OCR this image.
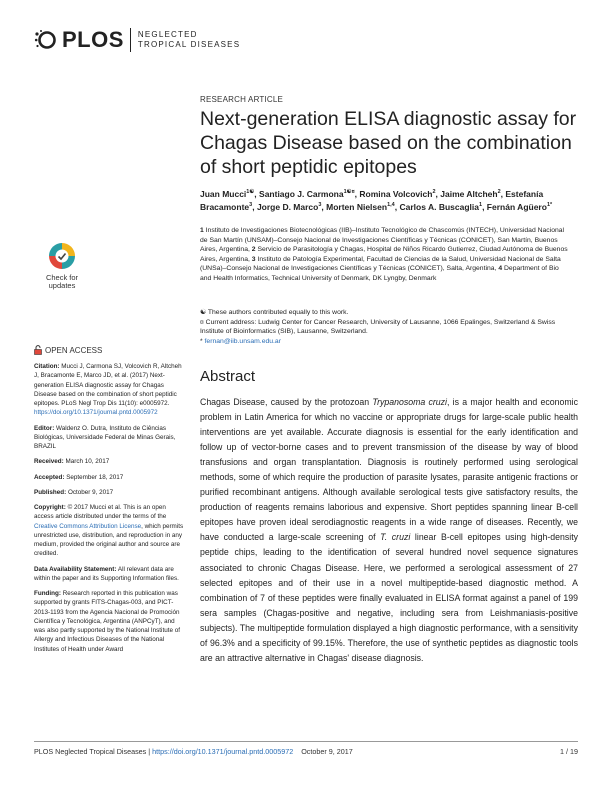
PLOS NEGLECTED
TROPICAL DISEASES
Check for
updates
OPEN ACCESS

Citation: Mucci J, Carmona SJ, Volcovich R, Altcheh J, Bracamonte E, Marco JD, et al. (2017) Next-generation ELISA diagnostic assay for Chagas Disease based on the combination of short peptidic epitopes. PLoS Negl Trop Dis 11(10): e0005972. https://doi.org/10.1371/journal.pntd.0005972

Editor: Waldenz O. Dutra, Instituto de Ciências Biológicas, Universidade Federal de Minas Gerais, BRAZIL

Received: March 10, 2017

Accepted: September 18, 2017

Published: October 9, 2017

Copyright: © 2017 Mucci et al. This is an open access article distributed under the terms of the Creative Commons Attribution License, which permits unrestricted use, distribution, and reproduction in any medium, provided the original author and source are credited.

Data Availability Statement: All relevant data are within the paper and its Supporting Information files.

Funding: Research reported in this publication was supported by grants FITS-Chagas-003, and PICT-2013-1193 from the Agencia Nacional de Promoción Científica y Tecnológica, Argentina (ANPCyT), and was also partly supported by the National Institute of Allergy and Infectious Diseases of the National Institutes of Health under Award

RESEARCH ARTICLE
Next-generation ELISA diagnostic assay for Chagas Disease based on the combination of short peptidic epitopes
Juan Mucci$^{1☯}$, Santiago J. Carmona$^{1☯¤}$, Romina Volcovich$^2$, Jaime Altcheh$^2$, Estefanía Bracamonte$^3$, Jorge D. Marco$^3$, Morten Nielsen$^{1,4}$, Carlos A. Buscaglia$^1$, Fernán Agüero$^{1*}$
1 Instituto de Investigaciones Biotecnológicas (IIB)–Instituto Tecnológico de Chascomús (INTECH), Universidad Nacional de San Martín (UNSAM)–Consejo Nacional de Investigaciones Científicas y Técnicas (CONICET), San Martín, Buenos Aires, Argentina, 2 Servicio de Parasitología y Chagas, Hospital de Niños Ricardo Gutierrez, Ciudad Autónoma de Buenos Aires, Argentina, 3 Instituto de Patología Experimental, Facultad de Ciencias de la Salud, Universidad Nacional de Salta (UNSa)–Consejo Nacional de Investigaciones Científicas y Técnicas (CONICET), Salta, Argentina, 4 Department of Bio and Health Informatics, Technical University of Denmark, DK Lyngby, Denmark
☯ These authors contributed equally to this work.
¤ Current address: Ludwig Center for Cancer Research, University of Lausanne, 1066 Epalinges, Switzerland & Swiss Institute of Bioinformatics (SIB), Lausanne, Switzerland.
* fernan@iib.unsam.edu.ar
Abstract

Chagas Disease, caused by the protozoan Trypanosoma cruzi, is a major health and economic problem in Latin America for which no vaccine or appropriate drugs for large-scale public health interventions are yet available. Accurate diagnosis is essential for the early identification and follow up of vector-borne cases and to prevent transmission of the disease by way of blood transfusions and organ transplantation. Diagnosis is routinely performed using serological methods, some of which require the production of parasite lysates, parasite antigenic fractions or purified recombinant antigens. Although available serological tests give satisfactory results, the production of reagents remains laborious and expensive. Short peptides spanning linear B-cell epitopes have proven ideal serodiagnostic reagents in a wide range of diseases. Recently, we have conducted a large-scale screening of T. cruzi linear B-cell epitopes using high-density peptide chips, leading to the identification of several hundred novel sequence signatures associated to chronic Chagas Disease. Here, we performed a serological assessment of 27 selected epitopes and of their use in a novel multipeptide-based diagnostic method. A combination of 7 of these peptides were finally evaluated in ELISA format against a panel of 199 sera samples (Chagas-positive and negative, including sera from Leishmaniasis-positive subjects). The multipeptide formulation displayed a high diagnostic performance, with a sensitivity of 96.3% and a specificity of 99.15%. Therefore, the use of synthetic peptides as diagnostic tools are an attractive alternative in Chagas' disease diagnosis.

PLOS Neglected Tropical Diseases | https://doi.org/10.1371/journal.pntd.0005972 October 9, 2017	1 / 19
